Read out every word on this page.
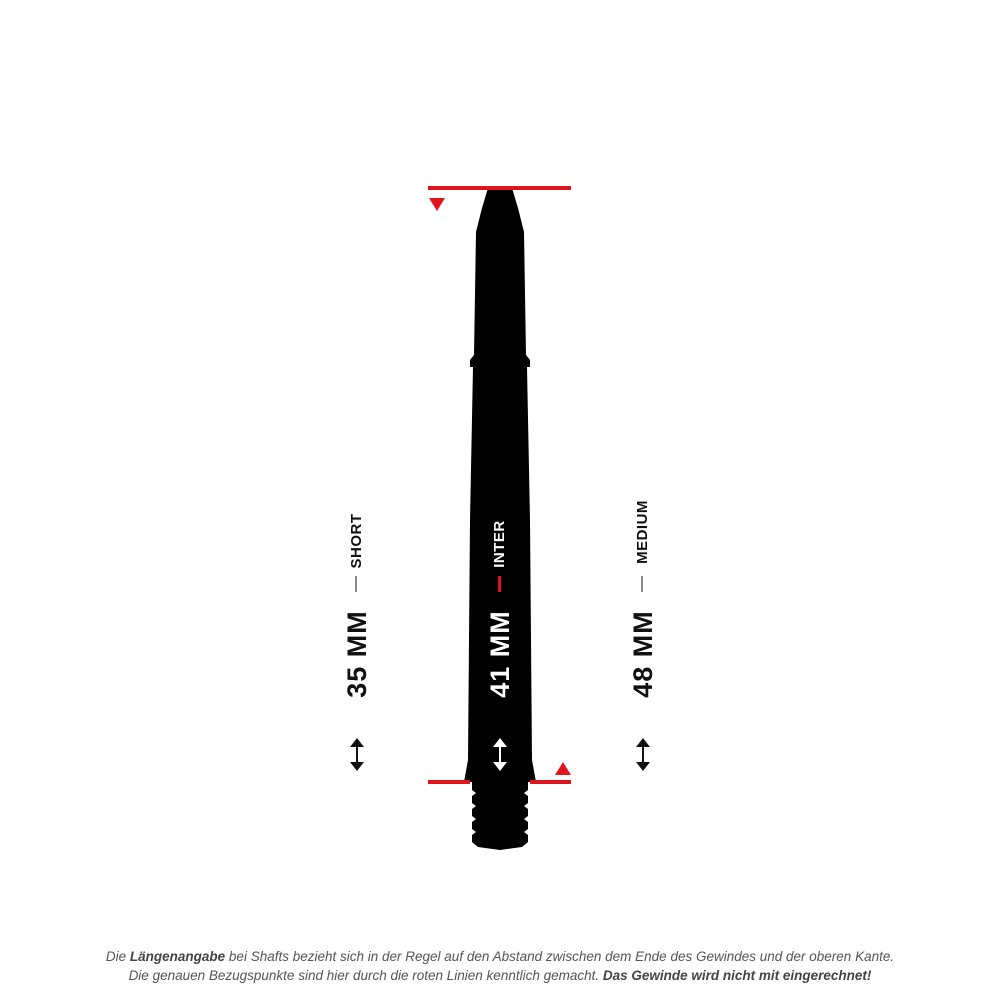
SHORT
35 MM
INTER
41 MM
MEDIUM
48 MM
Die Längenangabe bei Shafts bezieht sich in der Regel auf den Abstand zwischen dem Ende des Gewindes und der oberen Kante.
Die genauen Bezugspunkte sind hier durch die roten Linien kenntlich gemacht. Das Gewinde wird nicht mit eingerechnet!
